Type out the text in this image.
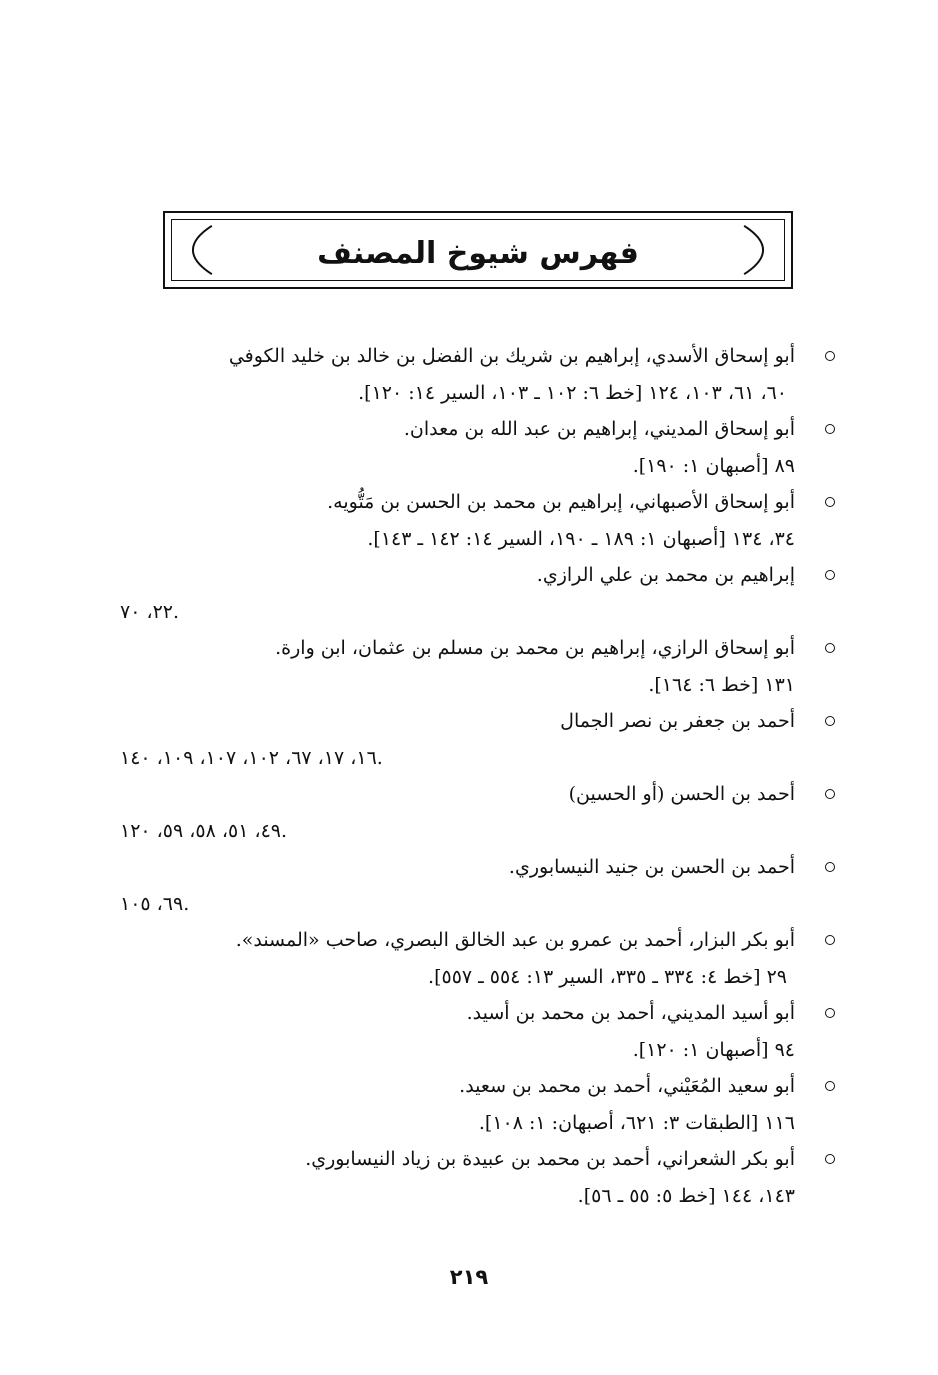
فهرس شيوخ المصنف
أبو إسحاق الأسدي، إبراهيم بن شريك بن الفضل بن خالد بن خليد الكوفي
٦٠، ٦١، ١٠٣، ١٢٤ [خط ٦: ١٠٢ ـ ١٠٣، السير ١٤: ١٢٠].
أبو إسحاق المديني، إبراهيم بن عبد الله بن معدان.
٨٩ [أصبهان ١: ١٩٠].
أبو إسحاق الأصبهاني، إبراهيم بن محمد بن الحسن بن مَتُّويه.
٣٤، ١٣٤ [أصبهان ١: ١٨٩ ـ ١٩٠، السير ١٤: ١٤٢ ـ ١٤٣].
إبراهيم بن محمد بن علي الرازي.
٢٢، ٧٠.
أبو إسحاق الرازي، إبراهيم بن محمد بن مسلم بن عثمان، ابن وارة.
١٣١ [خط ٦: ١٦٤].
أحمد بن جعفر بن نصر الجمال
١٦، ١٧، ٦٧، ١٠٢، ١٠٧، ١٠٩، ١٤٠.
أحمد بن الحسن (أو الحسين)
٤٩، ٥١، ٥٨، ٥٩، ١٢٠.
أحمد بن الحسن بن جنيد النيسابوري.
٦٩، ١٠٥.
أبو بكر البزار، أحمد بن عمرو بن عبد الخالق البصري، صاحب «المسند».
٢٩ [خط ٤: ٣٣٤ ـ ٣٣٥، السير ١٣: ٥٥٤ ـ ٥٥٧].
أبو أسيد المديني، أحمد بن محمد بن أسيد.
٩٤ [أصبهان ١: ١٢٠].
أبو سعيد المُعَيْني، أحمد بن محمد بن سعيد.
١١٦ [الطبقات ٣: ٦٢١، أصبهان: ١: ١٠٨].
أبو بكر الشعراني، أحمد بن محمد بن عبيدة بن زياد النيسابوري.
١٤٣، ١٤٤ [خط ٥: ٥٥ ـ ٥٦].
٢١٩
